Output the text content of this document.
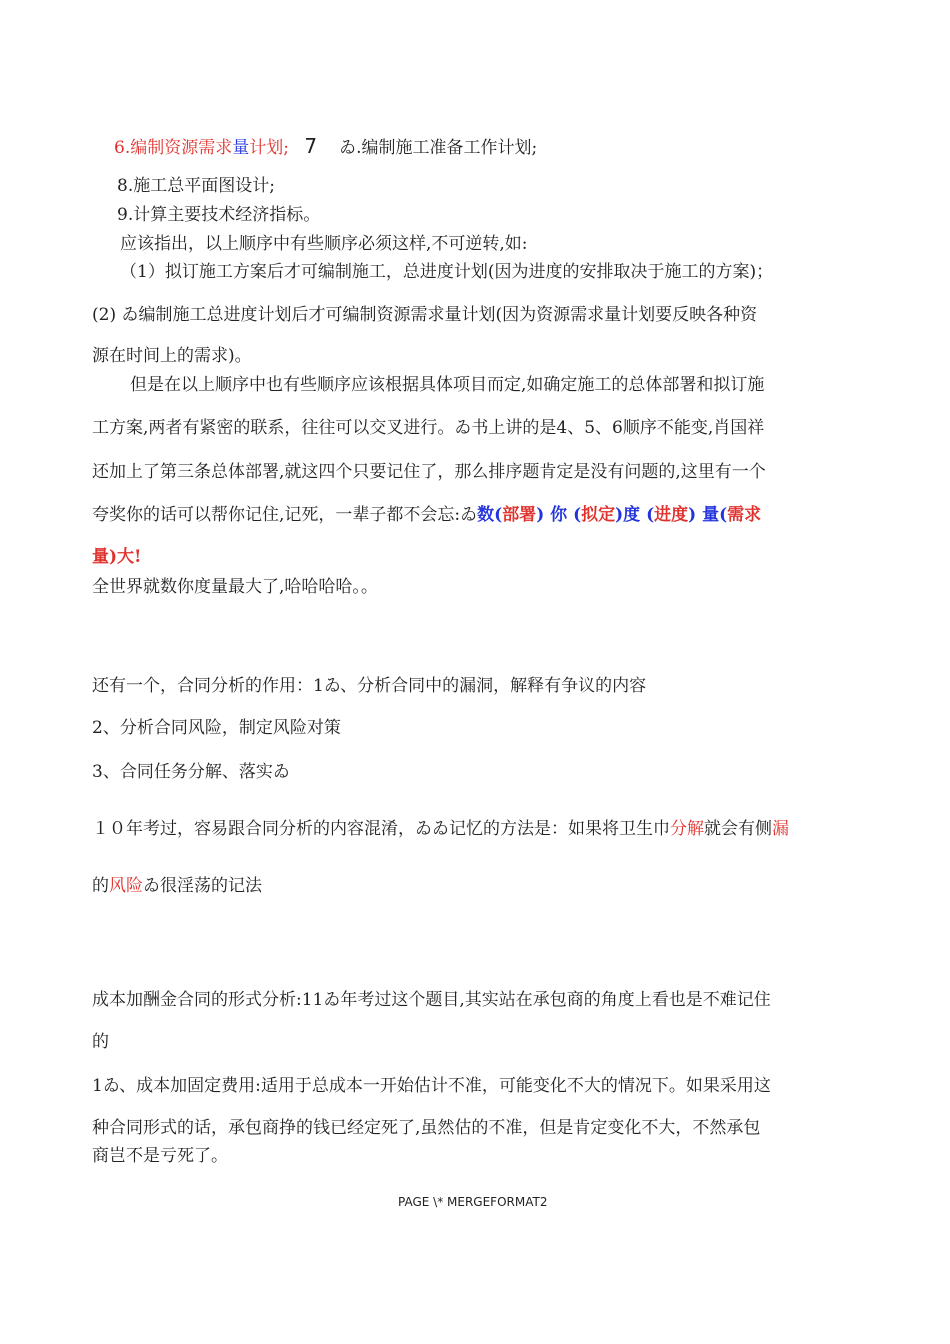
6.编制资源需求量计划; 7 ゐ.编制施工准备工作计划;
8.施工总平面图设计;
9.计算主要技术经济指标。
应该指出，以上顺序中有些顺序必须这样,不可逆转,如:
（1）拟订施工方案后才可编制施工，总进度计划(因为进度的安排取决于施工的方案)；
(2) ゐ编制施工总进度计划后才可编制资源需求量计划(因为资源需求量计划要反映各种资
源在时间上的需求)。
但是在以上顺序中也有些顺序应该根据具体项目而定,如确定施工的总体部署和拟订施
工方案,两者有紧密的联系，往往可以交叉进行。ゐ书上讲的是4、5、6顺序不能变,肖国祥
还加上了第三条总体部署,就这四个只要记住了，那么排序题肯定是没有问题的,这里有一个
夸奖你的话可以帮你记住,记死，一辈子都不会忘:ゐ数(部署) 你 (拟定)度 (进度) 量(需求
量)大!
全世界就数你度量最大了,哈哈哈哈。。
还有一个，合同分析的作用：1ゐ、分析合同中的漏洞，解释有争议的内容
2、分析合同风险，制定风险对策
3、合同任务分解、落实ゐ
１０年考过，容易跟合同分析的内容混淆，ゐゐ记忆的方法是：如果将卫生巾分解就会有侧漏
的风险ゐ很淫荡的记法
成本加酬金合同的形式分析:11ゐ年考过这个题目,其实站在承包商的角度上看也是不难记住
的
1ゐ、成本加固定费用:适用于总成本一开始估计不准，可能变化不大的情况下。如果采用这
种合同形式的话，承包商挣的钱已经定死了,虽然估的不准，但是肯定变化不大，不然承包
商岂不是亏死了。
PAGE \* MERGEFORMAT2
